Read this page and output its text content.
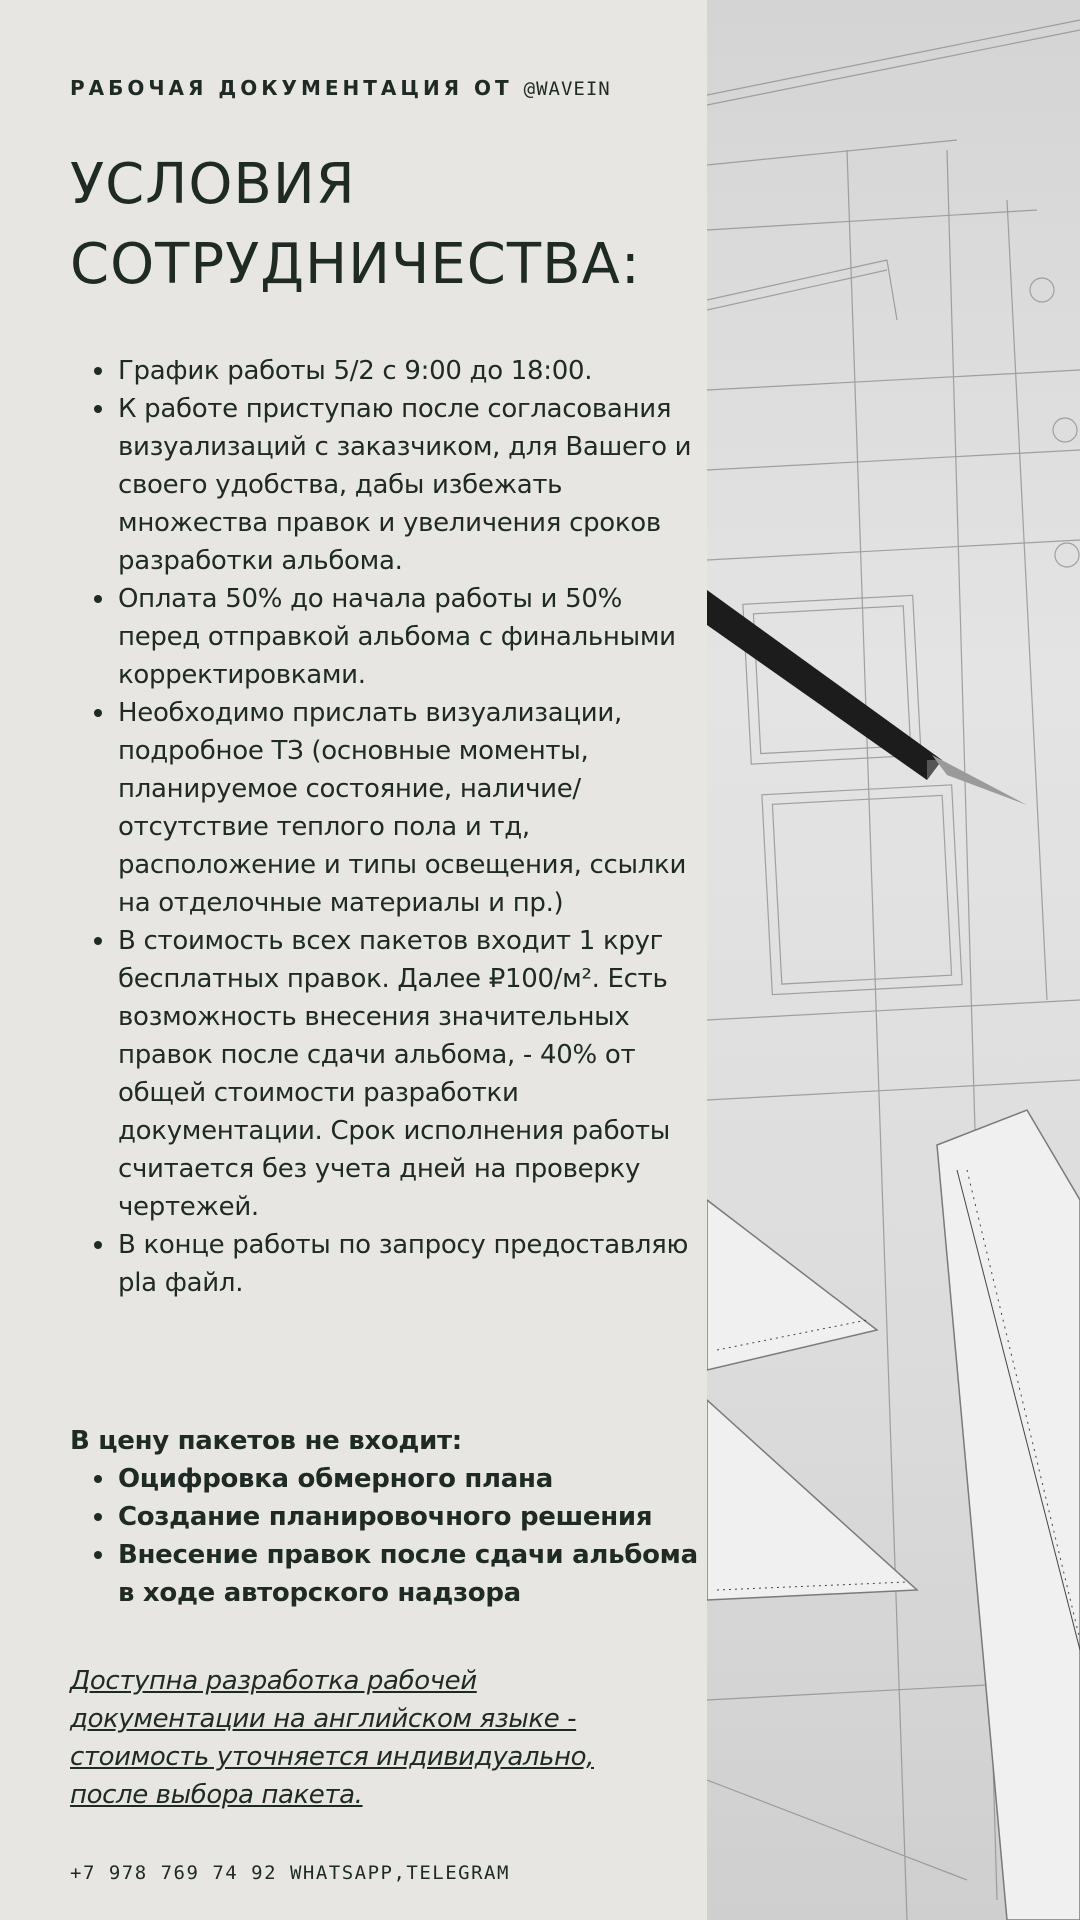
РАБОЧАЯ ДОКУМЕНТАЦИЯ ОТ @WAVEIN
УСЛОВИЯ
СОТРУДНИЧЕСТВА:
График работы 5/2 с 9:00 до 18:00.
К работе приступаю после согласования визуализаций с заказчиком, для Вашего и своего удобства, дабы избежать множества правок и увеличения сроков разработки альбома.
Оплата 50% до начала работы и 50% перед отправкой альбома с финальными корректировками.
Необходимо прислать визуализации, подробное ТЗ (основные моменты, планируемое состояние, наличие/отсутствие теплого пола и тд, расположение и типы освещения, ссылки на отделочные материалы и пр.)
В стоимость всех пакетов входит 1 круг бесплатных правок. Далее ₽100/м². Есть возможность внесения значительных правок после сдачи альбома, - 40% от общей стоимости разработки документации. Срок исполнения работы считается без учета дней на проверку чертежей.
В конце работы по запросу предоставляю pla файл.

В цену пакетов не входит:

Оцифровка обмерного плана
Создание планировочного решения
Внесение правок после сдачи альбома в ходе авторского надзора

Доступна разработка рабочей документации на английском языке - стоимость уточняется индивидуально, после выбора пакета.

+7 978 769 74 92 WHATSAPP,TELEGRAM
